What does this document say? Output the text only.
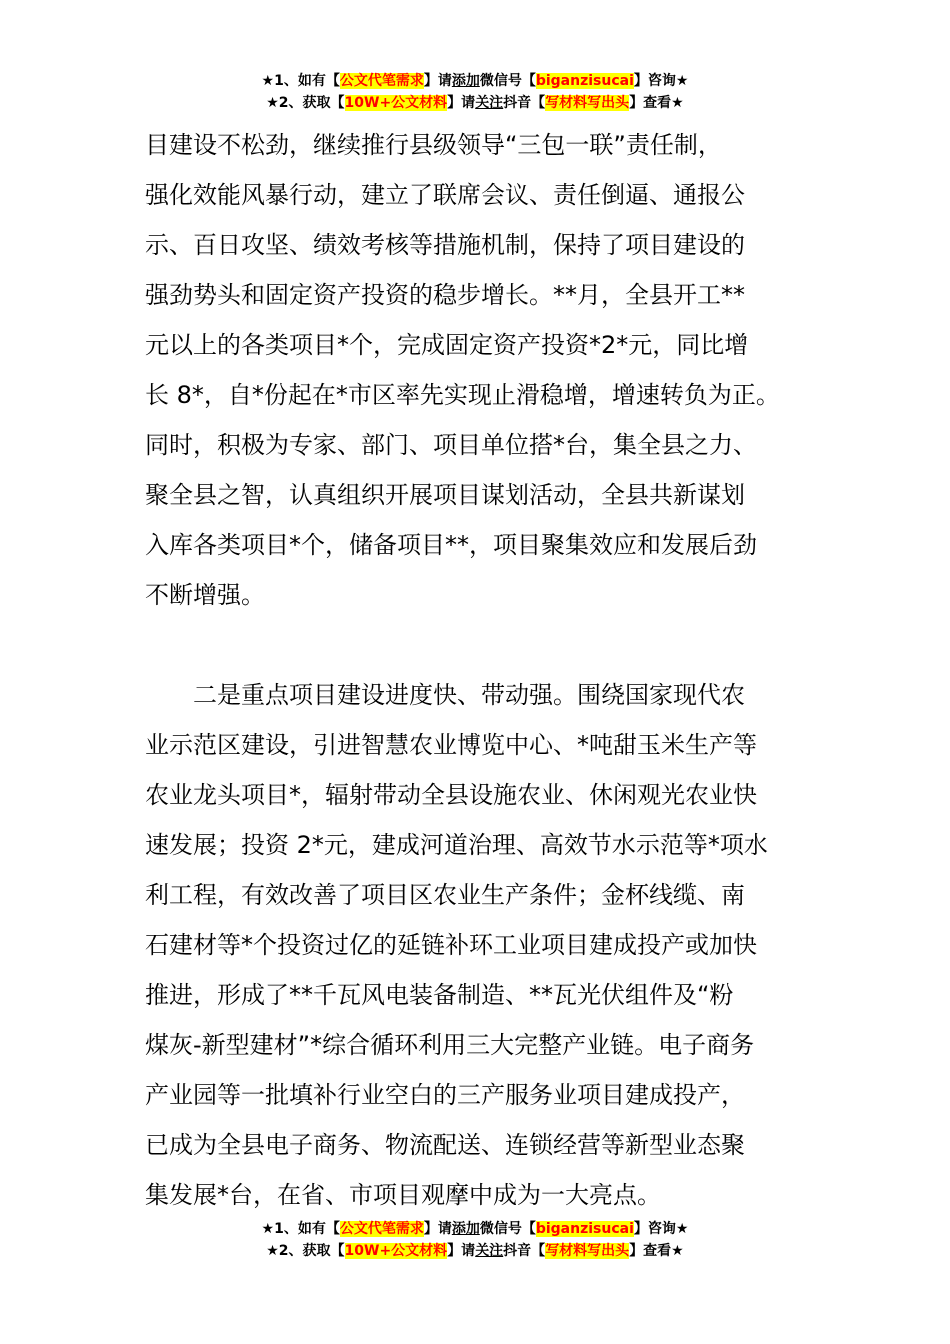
★1、如有【公文代笔需求】请添加微信号【biganzisucai】咨询★
★2、获取【10W+公文材料】请关注抖音【写材料写出头】查看★
目建设不松劲，继续推行县级领导“三包一联”责任制，
强化效能风暴行动，建立了联席会议、责任倒逼、通报公
示、百日攻坚、绩效考核等措施机制，保持了项目建设的
强劲势头和固定资产投资的稳步增长。**月，全县开工**
元以上的各类项目*个，完成固定资产投资*2*元，同比增
长 8*，自*份起在*市区率先实现止滑稳增，增速转负为正。
同时，积极为专家、部门、项目单位搭*台，集全县之力、
聚全县之智，认真组织开展项目谋划活动，全县共新谋划
入库各类项目*个，储备项目**，项目聚集效应和发展后劲
不断增强。
　　二是重点项目建设进度快、带动强。围绕国家现代农
业示范区建设，引进智慧农业博览中心、*吨甜玉米生产等
农业龙头项目*，辐射带动全县设施农业、休闲观光农业快
速发展；投资 2*元，建成河道治理、高效节水示范等*项水
利工程，有效改善了项目区农业生产条件；金杯线缆、南
石建材等*个投资过亿的延链补环工业项目建成投产或加快
推进，形成了**千瓦风电装备制造、**瓦光伏组件及“粉
煤灰-新型建材”*综合循环利用三大完整产业链。电子商务
产业园等一批填补行业空白的三产服务业项目建成投产，
已成为全县电子商务、物流配送、连锁经营等新型业态聚
集发展*台，在省、市项目观摩中成为一大亮点。
★1、如有【公文代笔需求】请添加微信号【biganzisucai】咨询★
★2、获取【10W+公文材料】请关注抖音【写材料写出头】查看★
